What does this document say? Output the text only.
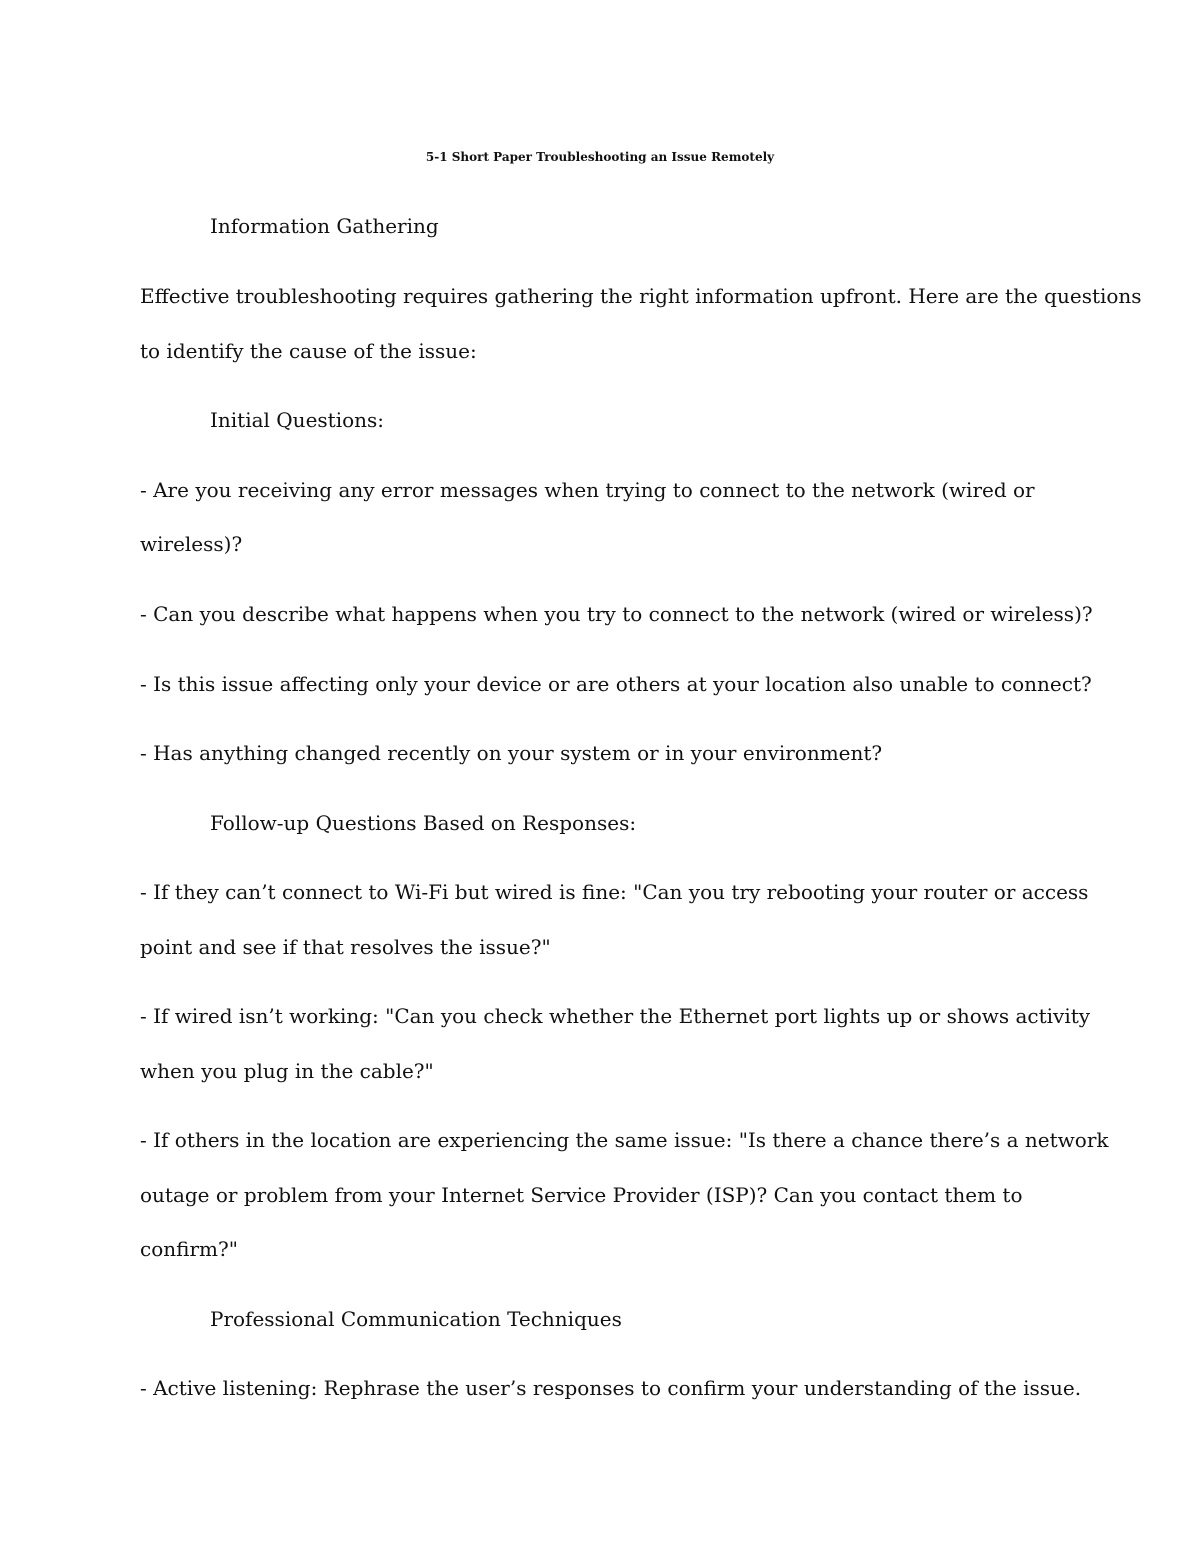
5-1 Short Paper Troubleshooting an Issue Remotely
Information Gathering
Effective troubleshooting requires gathering the right information upfront. Here are the questions
to identify the cause of the issue:
Initial Questions:
- Are you receiving any error messages when trying to connect to the network (wired or
wireless)?
- Can you describe what happens when you try to connect to the network (wired or wireless)?
- Is this issue affecting only your device or are others at your location also unable to connect?
- Has anything changed recently on your system or in your environment?
Follow-up Questions Based on Responses:
- If they can’t connect to Wi-Fi but wired is fine: "Can you try rebooting your router or access
point and see if that resolves the issue?"
- If wired isn’t working: "Can you check whether the Ethernet port lights up or shows activity
when you plug in the cable?"
- If others in the location are experiencing the same issue: "Is there a chance there’s a network
outage or problem from your Internet Service Provider (ISP)? Can you contact them to
confirm?"
Professional Communication Techniques
- Active listening: Rephrase the user’s responses to confirm your understanding of the issue.
